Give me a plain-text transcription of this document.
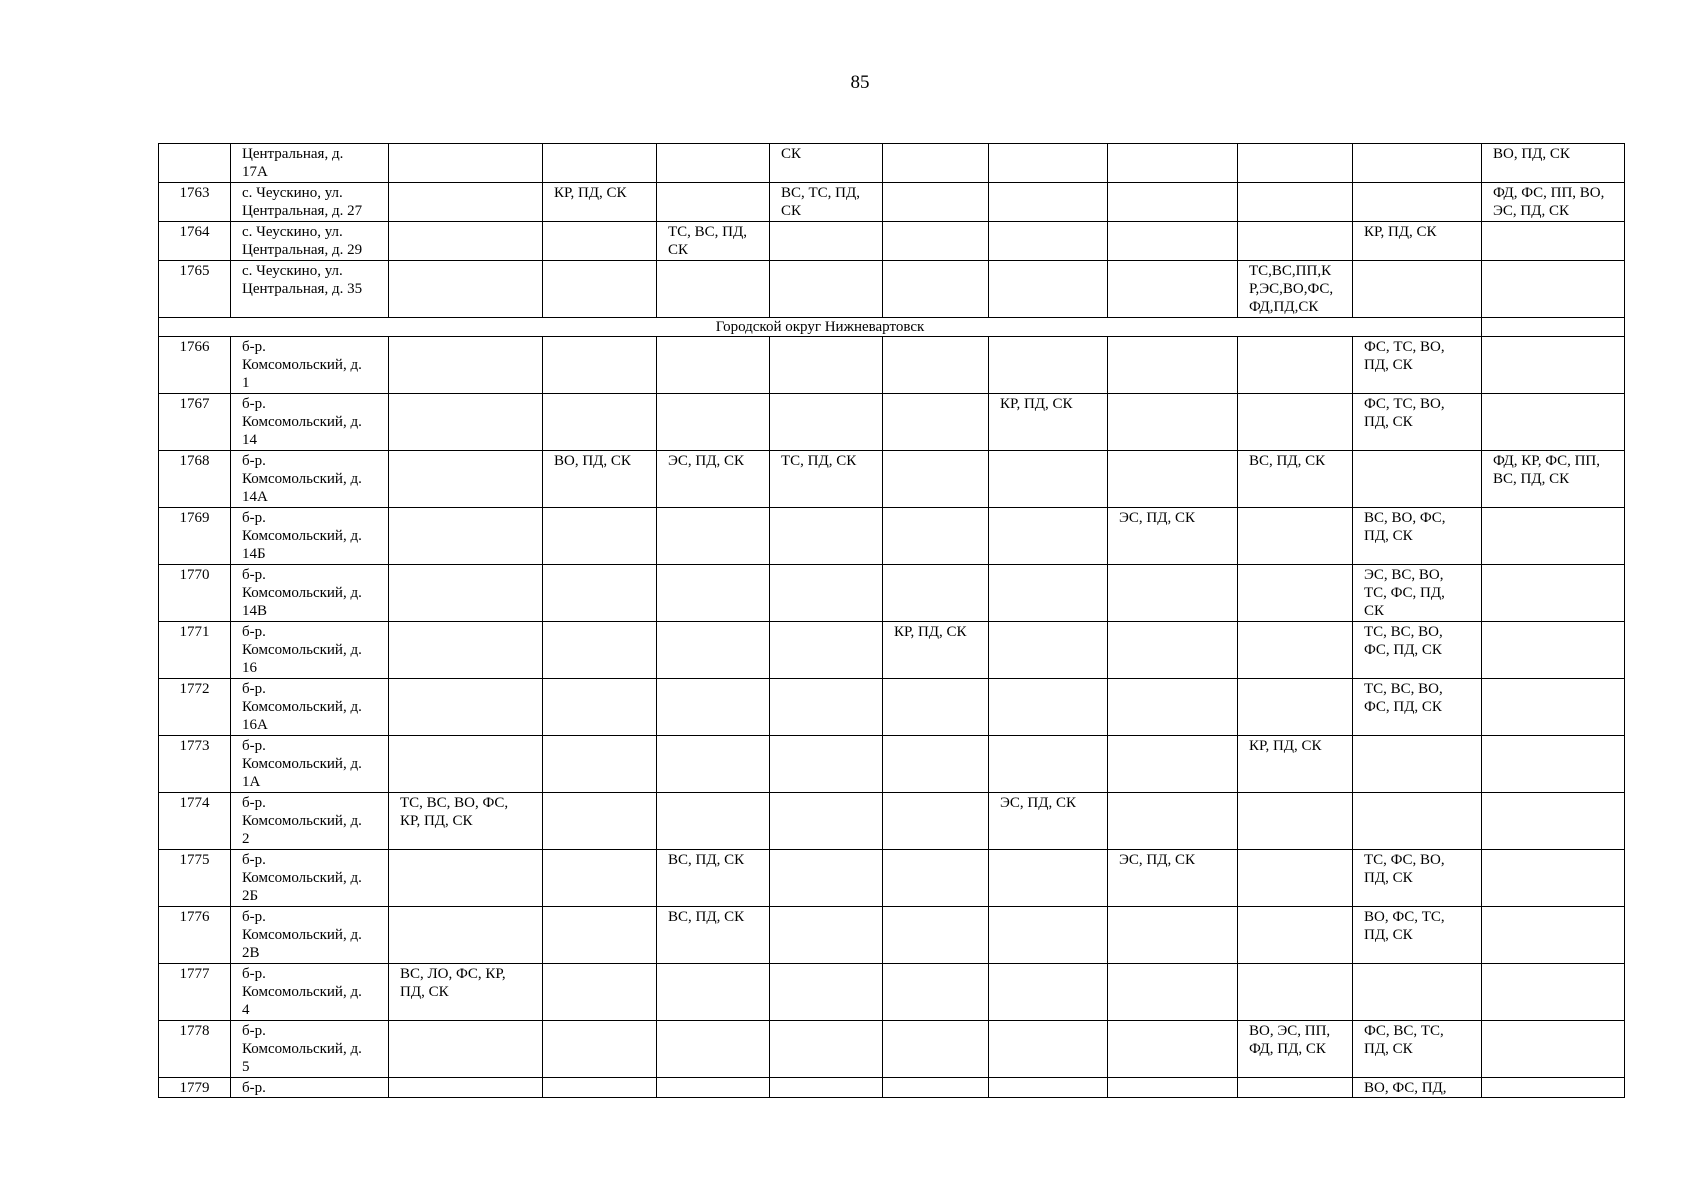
85
	Центральная, д.
17А				СК						ВО, ПД, СК
1763	с. Чеускино, ул.
Центральная, д. 27		КР, ПД, СК		ВС, ТС, ПД,
СК						ФД, ФС, ПП, ВО,
ЭС, ПД, СК
1764	с. Чеускино, ул.
Центральная, д. 29			ТС, ВС, ПД,
СК						КР, ПД, СК	
1765	с. Чеускино, ул.
Центральная, д. 35								ТС,ВС,ПП,К
Р,ЭС,ВО,ФС,
ФД,ПД,СК		
Городской округ Нижневартовск											
1766	б-р.
Комсомольский, д.
1									ФС, ТС, ВО,
ПД, СК	
1767	б-р.
Комсомольский, д.
14						КР, ПД, СК			ФС, ТС, ВО,
ПД, СК	
1768	б-р.
Комсомольский, д.
14А		ВО, ПД, СК	ЭС, ПД, СК	ТС, ПД, СК				ВС, ПД, СК		ФД, КР, ФС, ПП,
ВС, ПД, СК
1769	б-р.
Комсомольский, д.
14Б							ЭС, ПД, СК		ВС, ВО, ФС,
ПД, СК	
1770	б-р.
Комсомольский, д.
14В									ЭС, ВС, ВО,
ТС, ФС, ПД,
СК	
1771	б-р.
Комсомольский, д.
16					КР, ПД, СК				ТС, ВС, ВО,
ФС, ПД, СК	
1772	б-р.
Комсомольский, д.
16А									ТС, ВС, ВО,
ФС, ПД, СК	
1773	б-р.
Комсомольский, д.
1А								КР, ПД, СК		
1774	б-р.
Комсомольский, д.
2	ТС, ВС, ВО, ФС,
КР, ПД, СК					ЭС, ПД, СК				
1775	б-р.
Комсомольский, д.
2Б			ВС, ПД, СК				ЭС, ПД, СК		ТС, ФС, ВО,
ПД, СК	
1776	б-р.
Комсомольский, д.
2В			ВС, ПД, СК						ВО, ФС, ТС,
ПД, СК	
1777	б-р.
Комсомольский, д.
4	ВС, ЛО, ФС, КР,
ПД, СК									
1778	б-р.
Комсомольский, д.
5								ВО, ЭС, ПП,
ФД, ПД, СК	ФС, ВС, ТС,
ПД, СК	
1779	б-р.									ВО, ФС, ПД,	
